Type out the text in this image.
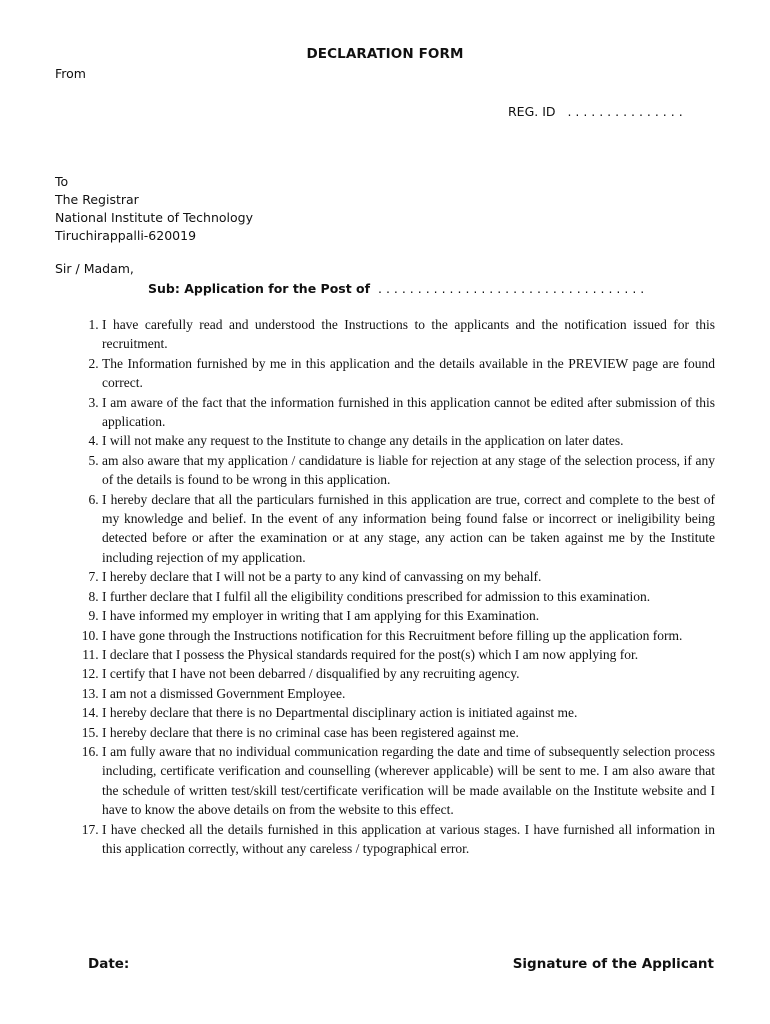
DECLARATION FORM
From
REG. ID   . . . . . . . . . . . . . . .
To
The Registrar
National Institute of Technology
Tiruchirappalli-620019
Sir / Madam,
Sub: Application for the Post of  . . . . . . . . . . . . . . . . . . . . . . . . . . . . . . . . . .
1. I have carefully read and understood the Instructions to the applicants and the notification issued for this recruitment.
2. The Information furnished by me in this application and the details available in the PREVIEW page are found correct.
3. I am aware of the fact that the information furnished in this application cannot be edited after submission of this application.
4. I will not make any request to the Institute to change any details in the application on later dates.
5. am also aware that my application / candidature is liable for rejection at any stage of the selection process, if any of the details is found to be wrong in this application.
6. I hereby declare that all the particulars furnished in this application are true, correct and complete to the best of my knowledge and belief. In the event of any information being found false or incorrect or ineligibility being detected before or after the examination or at any stage, any action can be taken against me by the Institute including rejection of my application.
7. I hereby declare that I will not be a party to any kind of canvassing on my behalf.
8. I further declare that I fulfil all the eligibility conditions prescribed for admission to this examination.
9. I have informed my employer in writing that I am applying for this Examination.
10. I have gone through the Instructions notification for this Recruitment before filling up the application form.
11. I declare that I possess the Physical standards required for the post(s) which I am now applying for.
12. I certify that I have not been debarred / disqualified by any recruiting agency.
13. I am not a dismissed Government Employee.
14. I hereby declare that there is no Departmental disciplinary action is initiated against me.
15. I hereby declare that there is no criminal case has been registered against me.
16. I am fully aware that no individual communication regarding the date and time of subsequently selection process including, certificate verification and counselling (wherever applicable) will be sent to me. I am also aware that the schedule of written test/skill test/certificate verification will be made available on the Institute website and I have to know the above details on from the website to this effect.
17. I have checked all the details furnished in this application at various stages. I have furnished all information in this application correctly, without any careless / typographical error.
Date:	Signature of the Applicant
